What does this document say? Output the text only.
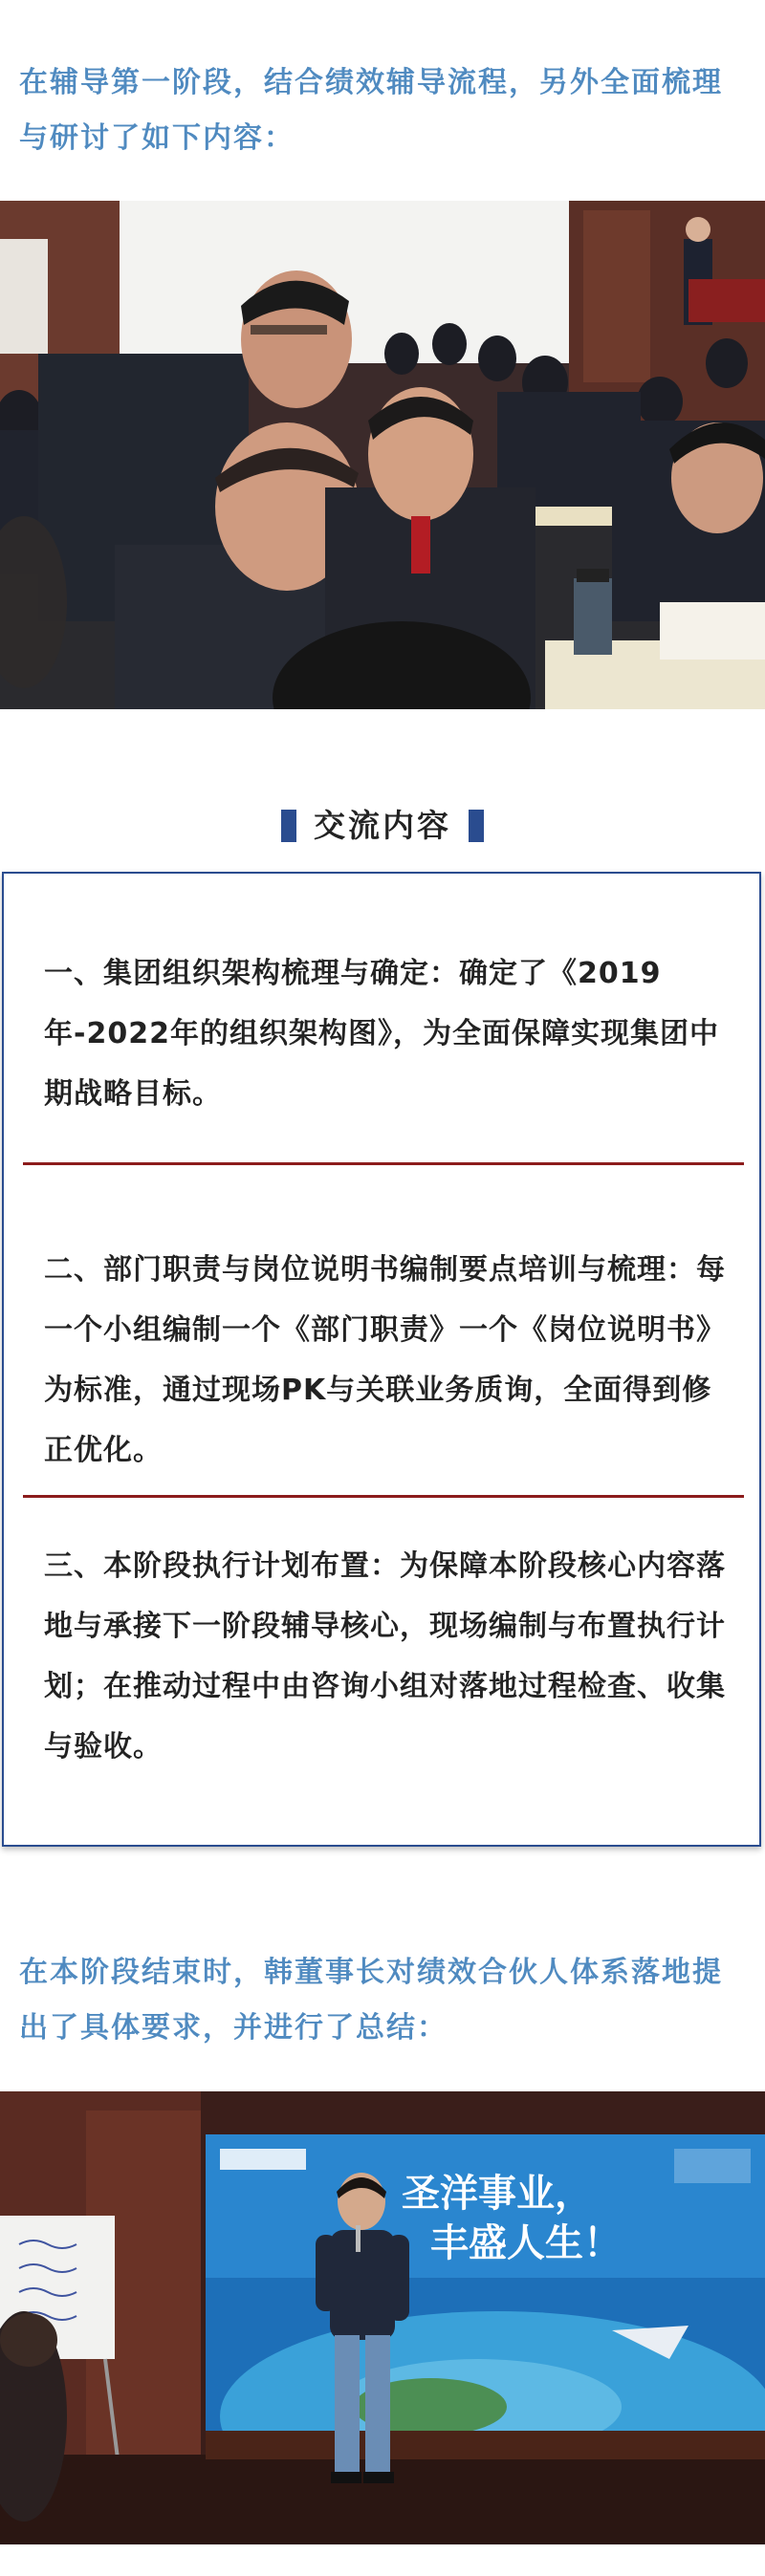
在辅导第一阶段，结合绩效辅导流程，另外全面梳理与研讨了如下内容：
交流内容
一、集团组织架构梳理与确定：确定了《2019年-2022年的组织架构图》，为全面保障实现集团中期战略目标。
二、部门职责与岗位说明书编制要点培训与梳理：每一个小组编制一个《部门职责》一个《岗位说明书》为标准，通过现场PK与关联业务质询，全面得到修正优化。
三、本阶段执行计划布置：为保障本阶段核心内容落地与承接下一阶段辅导核心，现场编制与布置执行计划；在推动过程中由咨询小组对落地过程检查、收集与验收。
在本阶段结束时，韩董事长对绩效合伙人体系落地提出了具体要求，并进行了总结：
圣洋事业，
丰盛人生！
